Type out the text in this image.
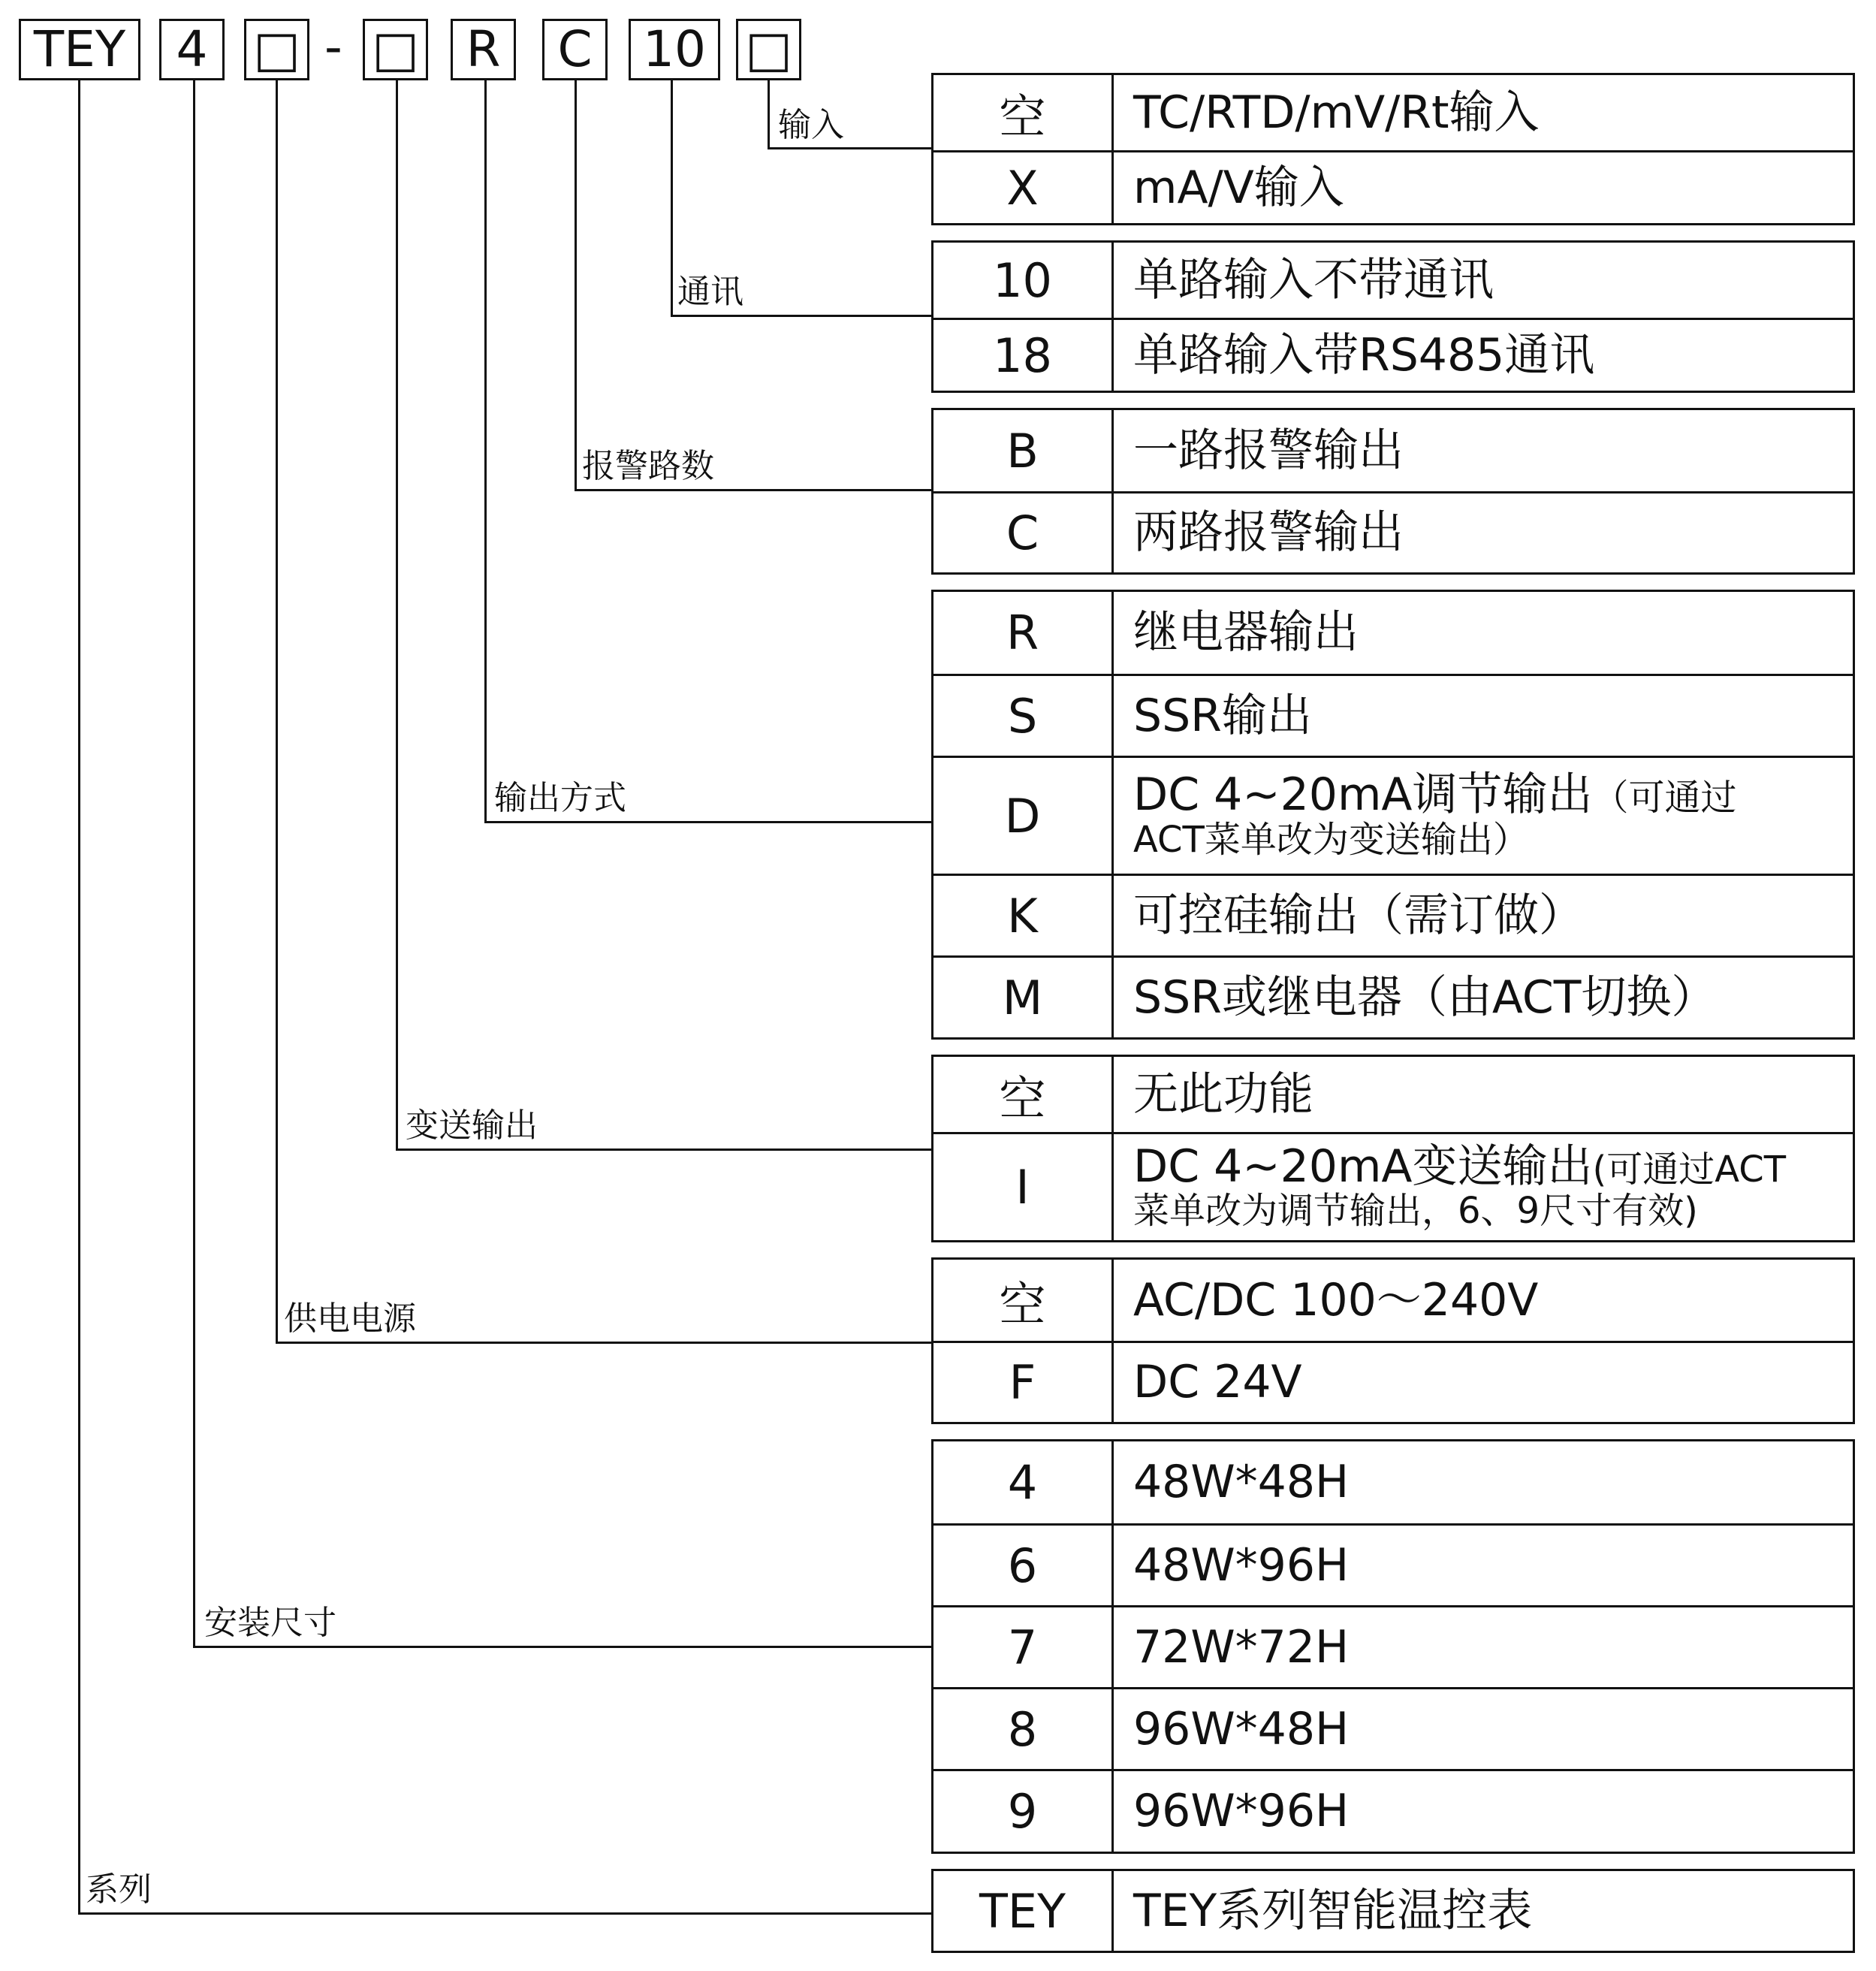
TEY 4 □ - □ R C 10 □
输入
通讯
报警路数
输出方式
变送输出
供电电源
安装尺寸
系列
空	TC/RTD/mV/Rt输入
X	mA/V输入
10	单路输入不带通讯
18	单路输入带RS485通讯
B	一路报警输出
C	两路报警输出
R	继电器输出
S	SSR输出
D	DC 4~20mA调节输出（可通过
ACT菜单改为变送输出）
K	可控硅输出（需订做）
M	SSR或继电器（由ACT切换）
空	无此功能
I	DC 4~20mA变送输出(可通过ACT
菜单改为调节输出，6、9尺寸有效)
空	AC/DC 100～240V
F	DC 24V
4	48W*48H
6	48W*96H
7	72W*72H
8	96W*48H
9	96W*96H
TEY	TEY系列智能温控表
